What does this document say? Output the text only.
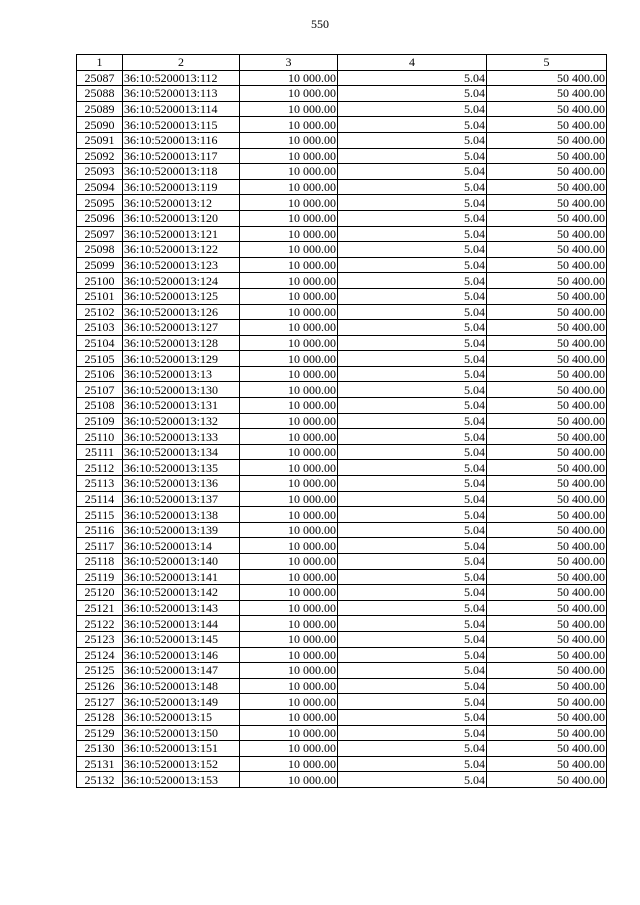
550
1	2	3	4	5
25087	36:10:5200013:112	10 000.00	5.04	50 400.00
25088	36:10:5200013:113	10 000.00	5.04	50 400.00
25089	36:10:5200013:114	10 000.00	5.04	50 400.00
25090	36:10:5200013:115	10 000.00	5.04	50 400.00
25091	36:10:5200013:116	10 000.00	5.04	50 400.00
25092	36:10:5200013:117	10 000.00	5.04	50 400.00
25093	36:10:5200013:118	10 000.00	5.04	50 400.00
25094	36:10:5200013:119	10 000.00	5.04	50 400.00
25095	36:10:5200013:12	10 000.00	5.04	50 400.00
25096	36:10:5200013:120	10 000.00	5.04	50 400.00
25097	36:10:5200013:121	10 000.00	5.04	50 400.00
25098	36:10:5200013:122	10 000.00	5.04	50 400.00
25099	36:10:5200013:123	10 000.00	5.04	50 400.00
25100	36:10:5200013:124	10 000.00	5.04	50 400.00
25101	36:10:5200013:125	10 000.00	5.04	50 400.00
25102	36:10:5200013:126	10 000.00	5.04	50 400.00
25103	36:10:5200013:127	10 000.00	5.04	50 400.00
25104	36:10:5200013:128	10 000.00	5.04	50 400.00
25105	36:10:5200013:129	10 000.00	5.04	50 400.00
25106	36:10:5200013:13	10 000.00	5.04	50 400.00
25107	36:10:5200013:130	10 000.00	5.04	50 400.00
25108	36:10:5200013:131	10 000.00	5.04	50 400.00
25109	36:10:5200013:132	10 000.00	5.04	50 400.00
25110	36:10:5200013:133	10 000.00	5.04	50 400.00
25111	36:10:5200013:134	10 000.00	5.04	50 400.00
25112	36:10:5200013:135	10 000.00	5.04	50 400.00
25113	36:10:5200013:136	10 000.00	5.04	50 400.00
25114	36:10:5200013:137	10 000.00	5.04	50 400.00
25115	36:10:5200013:138	10 000.00	5.04	50 400.00
25116	36:10:5200013:139	10 000.00	5.04	50 400.00
25117	36:10:5200013:14	10 000.00	5.04	50 400.00
25118	36:10:5200013:140	10 000.00	5.04	50 400.00
25119	36:10:5200013:141	10 000.00	5.04	50 400.00
25120	36:10:5200013:142	10 000.00	5.04	50 400.00
25121	36:10:5200013:143	10 000.00	5.04	50 400.00
25122	36:10:5200013:144	10 000.00	5.04	50 400.00
25123	36:10:5200013:145	10 000.00	5.04	50 400.00
25124	36:10:5200013:146	10 000.00	5.04	50 400.00
25125	36:10:5200013:147	10 000.00	5.04	50 400.00
25126	36:10:5200013:148	10 000.00	5.04	50 400.00
25127	36:10:5200013:149	10 000.00	5.04	50 400.00
25128	36:10:5200013:15	10 000.00	5.04	50 400.00
25129	36:10:5200013:150	10 000.00	5.04	50 400.00
25130	36:10:5200013:151	10 000.00	5.04	50 400.00
25131	36:10:5200013:152	10 000.00	5.04	50 400.00
25132	36:10:5200013:153	10 000.00	5.04	50 400.00
